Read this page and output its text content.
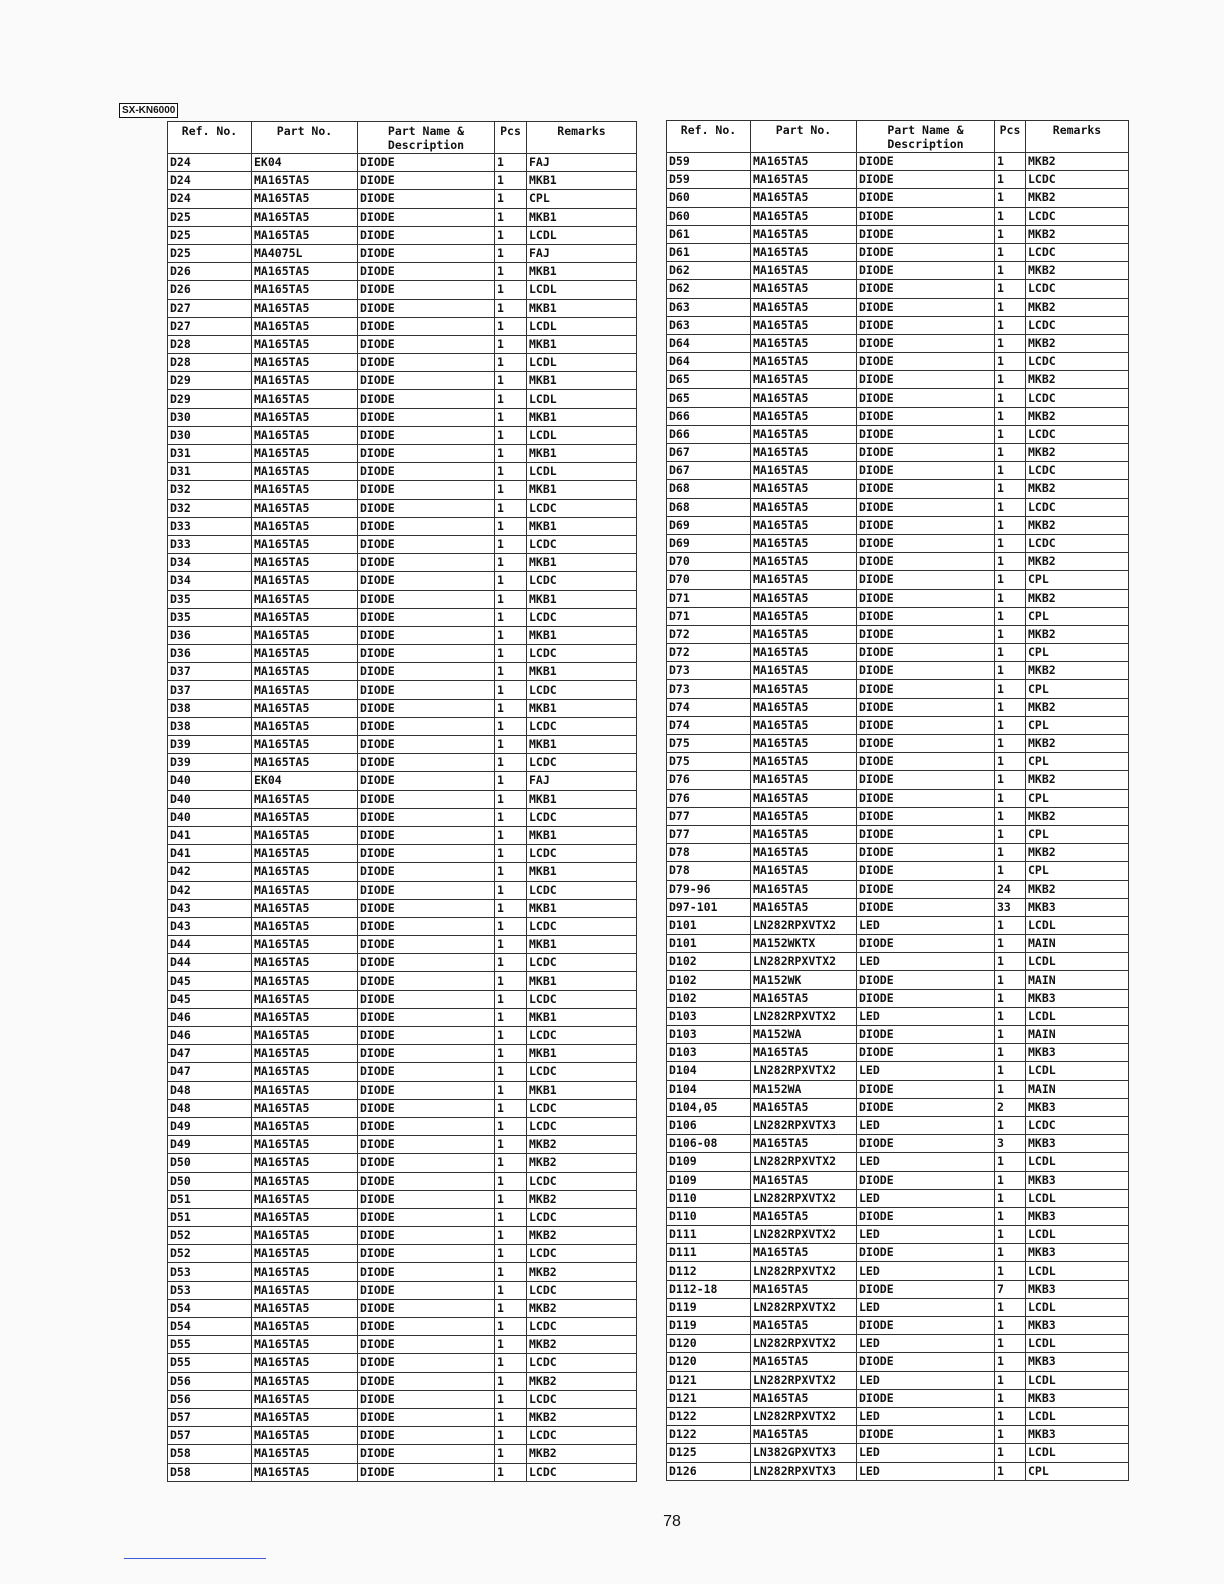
SX-KN6000
Ref. No.	Part No.	Part Name & Description	Pcs	Remarks
D24	EK04	DIODE	1	FAJ
D24	MA165TA5	DIODE	1	MKB1
D24	MA165TA5	DIODE	1	CPL
D25	MA165TA5	DIODE	1	MKB1
D25	MA165TA5	DIODE	1	LCDL
D25	MA4075L	DIODE	1	FAJ
D26	MA165TA5	DIODE	1	MKB1
D26	MA165TA5	DIODE	1	LCDL
D27	MA165TA5	DIODE	1	MKB1
D27	MA165TA5	DIODE	1	LCDL
D28	MA165TA5	DIODE	1	MKB1
D28	MA165TA5	DIODE	1	LCDL
D29	MA165TA5	DIODE	1	MKB1
D29	MA165TA5	DIODE	1	LCDL
D30	MA165TA5	DIODE	1	MKB1
D30	MA165TA5	DIODE	1	LCDL
D31	MA165TA5	DIODE	1	MKB1
D31	MA165TA5	DIODE	1	LCDL
D32	MA165TA5	DIODE	1	MKB1
D32	MA165TA5	DIODE	1	LCDC
D33	MA165TA5	DIODE	1	MKB1
D33	MA165TA5	DIODE	1	LCDC
D34	MA165TA5	DIODE	1	MKB1
D34	MA165TA5	DIODE	1	LCDC
D35	MA165TA5	DIODE	1	MKB1
D35	MA165TA5	DIODE	1	LCDC
D36	MA165TA5	DIODE	1	MKB1
D36	MA165TA5	DIODE	1	LCDC
D37	MA165TA5	DIODE	1	MKB1
D37	MA165TA5	DIODE	1	LCDC
D38	MA165TA5	DIODE	1	MKB1
D38	MA165TA5	DIODE	1	LCDC
D39	MA165TA5	DIODE	1	MKB1
D39	MA165TA5	DIODE	1	LCDC
D40	EK04	DIODE	1	FAJ
D40	MA165TA5	DIODE	1	MKB1
D40	MA165TA5	DIODE	1	LCDC
D41	MA165TA5	DIODE	1	MKB1
D41	MA165TA5	DIODE	1	LCDC
D42	MA165TA5	DIODE	1	MKB1
D42	MA165TA5	DIODE	1	LCDC
D43	MA165TA5	DIODE	1	MKB1
D43	MA165TA5	DIODE	1	LCDC
D44	MA165TA5	DIODE	1	MKB1
D44	MA165TA5	DIODE	1	LCDC
D45	MA165TA5	DIODE	1	MKB1
D45	MA165TA5	DIODE	1	LCDC
D46	MA165TA5	DIODE	1	MKB1
D46	MA165TA5	DIODE	1	LCDC
D47	MA165TA5	DIODE	1	MKB1
D47	MA165TA5	DIODE	1	LCDC
D48	MA165TA5	DIODE	1	MKB1
D48	MA165TA5	DIODE	1	LCDC
D49	MA165TA5	DIODE	1	LCDC
D49	MA165TA5	DIODE	1	MKB2
D50	MA165TA5	DIODE	1	MKB2
D50	MA165TA5	DIODE	1	LCDC
D51	MA165TA5	DIODE	1	MKB2
D51	MA165TA5	DIODE	1	LCDC
D52	MA165TA5	DIODE	1	MKB2
D52	MA165TA5	DIODE	1	LCDC
D53	MA165TA5	DIODE	1	MKB2
D53	MA165TA5	DIODE	1	LCDC
D54	MA165TA5	DIODE	1	MKB2
D54	MA165TA5	DIODE	1	LCDC
D55	MA165TA5	DIODE	1	MKB2
D55	MA165TA5	DIODE	1	LCDC
D56	MA165TA5	DIODE	1	MKB2
D56	MA165TA5	DIODE	1	LCDC
D57	MA165TA5	DIODE	1	MKB2
D57	MA165TA5	DIODE	1	LCDC
D58	MA165TA5	DIODE	1	MKB2
D58	MA165TA5	DIODE	1	LCDC
Ref. No.	Part No.	Part Name & Description	Pcs	Remarks
D59	MA165TA5	DIODE	1	MKB2
D59	MA165TA5	DIODE	1	LCDC
D60	MA165TA5	DIODE	1	MKB2
D60	MA165TA5	DIODE	1	LCDC
D61	MA165TA5	DIODE	1	MKB2
D61	MA165TA5	DIODE	1	LCDC
D62	MA165TA5	DIODE	1	MKB2
D62	MA165TA5	DIODE	1	LCDC
D63	MA165TA5	DIODE	1	MKB2
D63	MA165TA5	DIODE	1	LCDC
D64	MA165TA5	DIODE	1	MKB2
D64	MA165TA5	DIODE	1	LCDC
D65	MA165TA5	DIODE	1	MKB2
D65	MA165TA5	DIODE	1	LCDC
D66	MA165TA5	DIODE	1	MKB2
D66	MA165TA5	DIODE	1	LCDC
D67	MA165TA5	DIODE	1	MKB2
D67	MA165TA5	DIODE	1	LCDC
D68	MA165TA5	DIODE	1	MKB2
D68	MA165TA5	DIODE	1	LCDC
D69	MA165TA5	DIODE	1	MKB2
D69	MA165TA5	DIODE	1	LCDC
D70	MA165TA5	DIODE	1	MKB2
D70	MA165TA5	DIODE	1	CPL
D71	MA165TA5	DIODE	1	MKB2
D71	MA165TA5	DIODE	1	CPL
D72	MA165TA5	DIODE	1	MKB2
D72	MA165TA5	DIODE	1	CPL
D73	MA165TA5	DIODE	1	MKB2
D73	MA165TA5	DIODE	1	CPL
D74	MA165TA5	DIODE	1	MKB2
D74	MA165TA5	DIODE	1	CPL
D75	MA165TA5	DIODE	1	MKB2
D75	MA165TA5	DIODE	1	CPL
D76	MA165TA5	DIODE	1	MKB2
D76	MA165TA5	DIODE	1	CPL
D77	MA165TA5	DIODE	1	MKB2
D77	MA165TA5	DIODE	1	CPL
D78	MA165TA5	DIODE	1	MKB2
D78	MA165TA5	DIODE	1	CPL
D79-96	MA165TA5	DIODE	24	MKB2
D97-101	MA165TA5	DIODE	33	MKB3
D101	LN282RPXVTX2	LED	1	LCDL
D101	MA152WKTX	DIODE	1	MAIN
D102	LN282RPXVTX2	LED	1	LCDL
D102	MA152WK	DIODE	1	MAIN
D102	MA165TA5	DIODE	1	MKB3
D103	LN282RPXVTX2	LED	1	LCDL
D103	MA152WA	DIODE	1	MAIN
D103	MA165TA5	DIODE	1	MKB3
D104	LN282RPXVTX2	LED	1	LCDL
D104	MA152WA	DIODE	1	MAIN
D104,05	MA165TA5	DIODE	2	MKB3
D106	LN282RPXVTX3	LED	1	LCDC
D106-08	MA165TA5	DIODE	3	MKB3
D109	LN282RPXVTX2	LED	1	LCDL
D109	MA165TA5	DIODE	1	MKB3
D110	LN282RPXVTX2	LED	1	LCDL
D110	MA165TA5	DIODE	1	MKB3
D111	LN282RPXVTX2	LED	1	LCDL
D111	MA165TA5	DIODE	1	MKB3
D112	LN282RPXVTX2	LED	1	LCDL
D112-18	MA165TA5	DIODE	7	MKB3
D119	LN282RPXVTX2	LED	1	LCDL
D119	MA165TA5	DIODE	1	MKB3
D120	LN282RPXVTX2	LED	1	LCDL
D120	MA165TA5	DIODE	1	MKB3
D121	LN282RPXVTX2	LED	1	LCDL
D121	MA165TA5	DIODE	1	MKB3
D122	LN282RPXVTX2	LED	1	LCDL
D122	MA165TA5	DIODE	1	MKB3
D125	LN382GPXVTX3	LED	1	LCDL
D126	LN282RPXVTX3	LED	1	CPL
78
